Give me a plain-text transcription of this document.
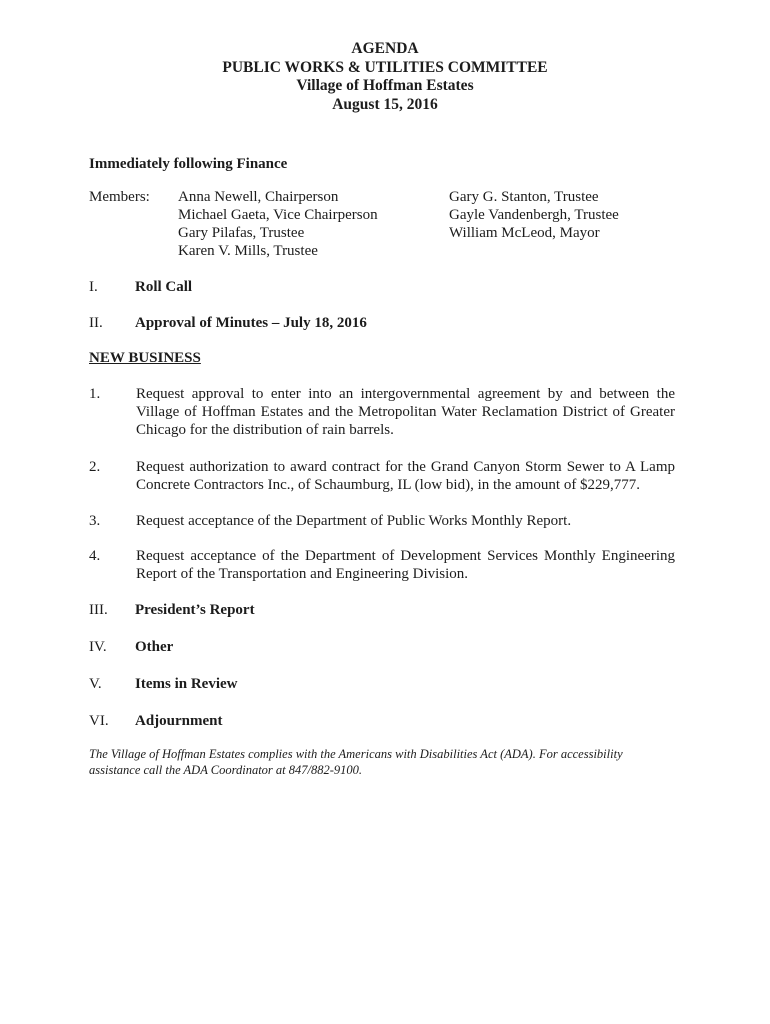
AGENDA
PUBLIC WORKS & UTILITIES COMMITTEE
Village of Hoffman Estates
August 15, 2016
Immediately following Finance
Members:	Anna Newell, Chairperson
Michael Gaeta, Vice Chairperson
Gary Pilafas, Trustee
Karen V. Mills, Trustee
Gary G. Stanton, Trustee
Gayle Vandenbergh, Trustee
William McLeod, Mayor
I. Roll Call
II. Approval of Minutes – July 18, 2016
NEW BUSINESS
1. Request approval to enter into an intergovernmental agreement by and between the Village of Hoffman Estates and the Metropolitan Water Reclamation District of Greater Chicago for the distribution of rain barrels.
2. Request authorization to award contract for the Grand Canyon Storm Sewer to A Lamp Concrete Contractors Inc., of Schaumburg, IL (low bid), in the amount of $229,777.
3. Request acceptance of the Department of Public Works Monthly Report.
4. Request acceptance of the Department of Development Services Monthly Engineering Report of the Transportation and Engineering Division.
III. President’s Report
IV. Other
V. Items in Review
VI. Adjournment
The Village of Hoffman Estates complies with the Americans with Disabilities Act (ADA). For accessibility assistance call the ADA Coordinator at 847/882-9100.
